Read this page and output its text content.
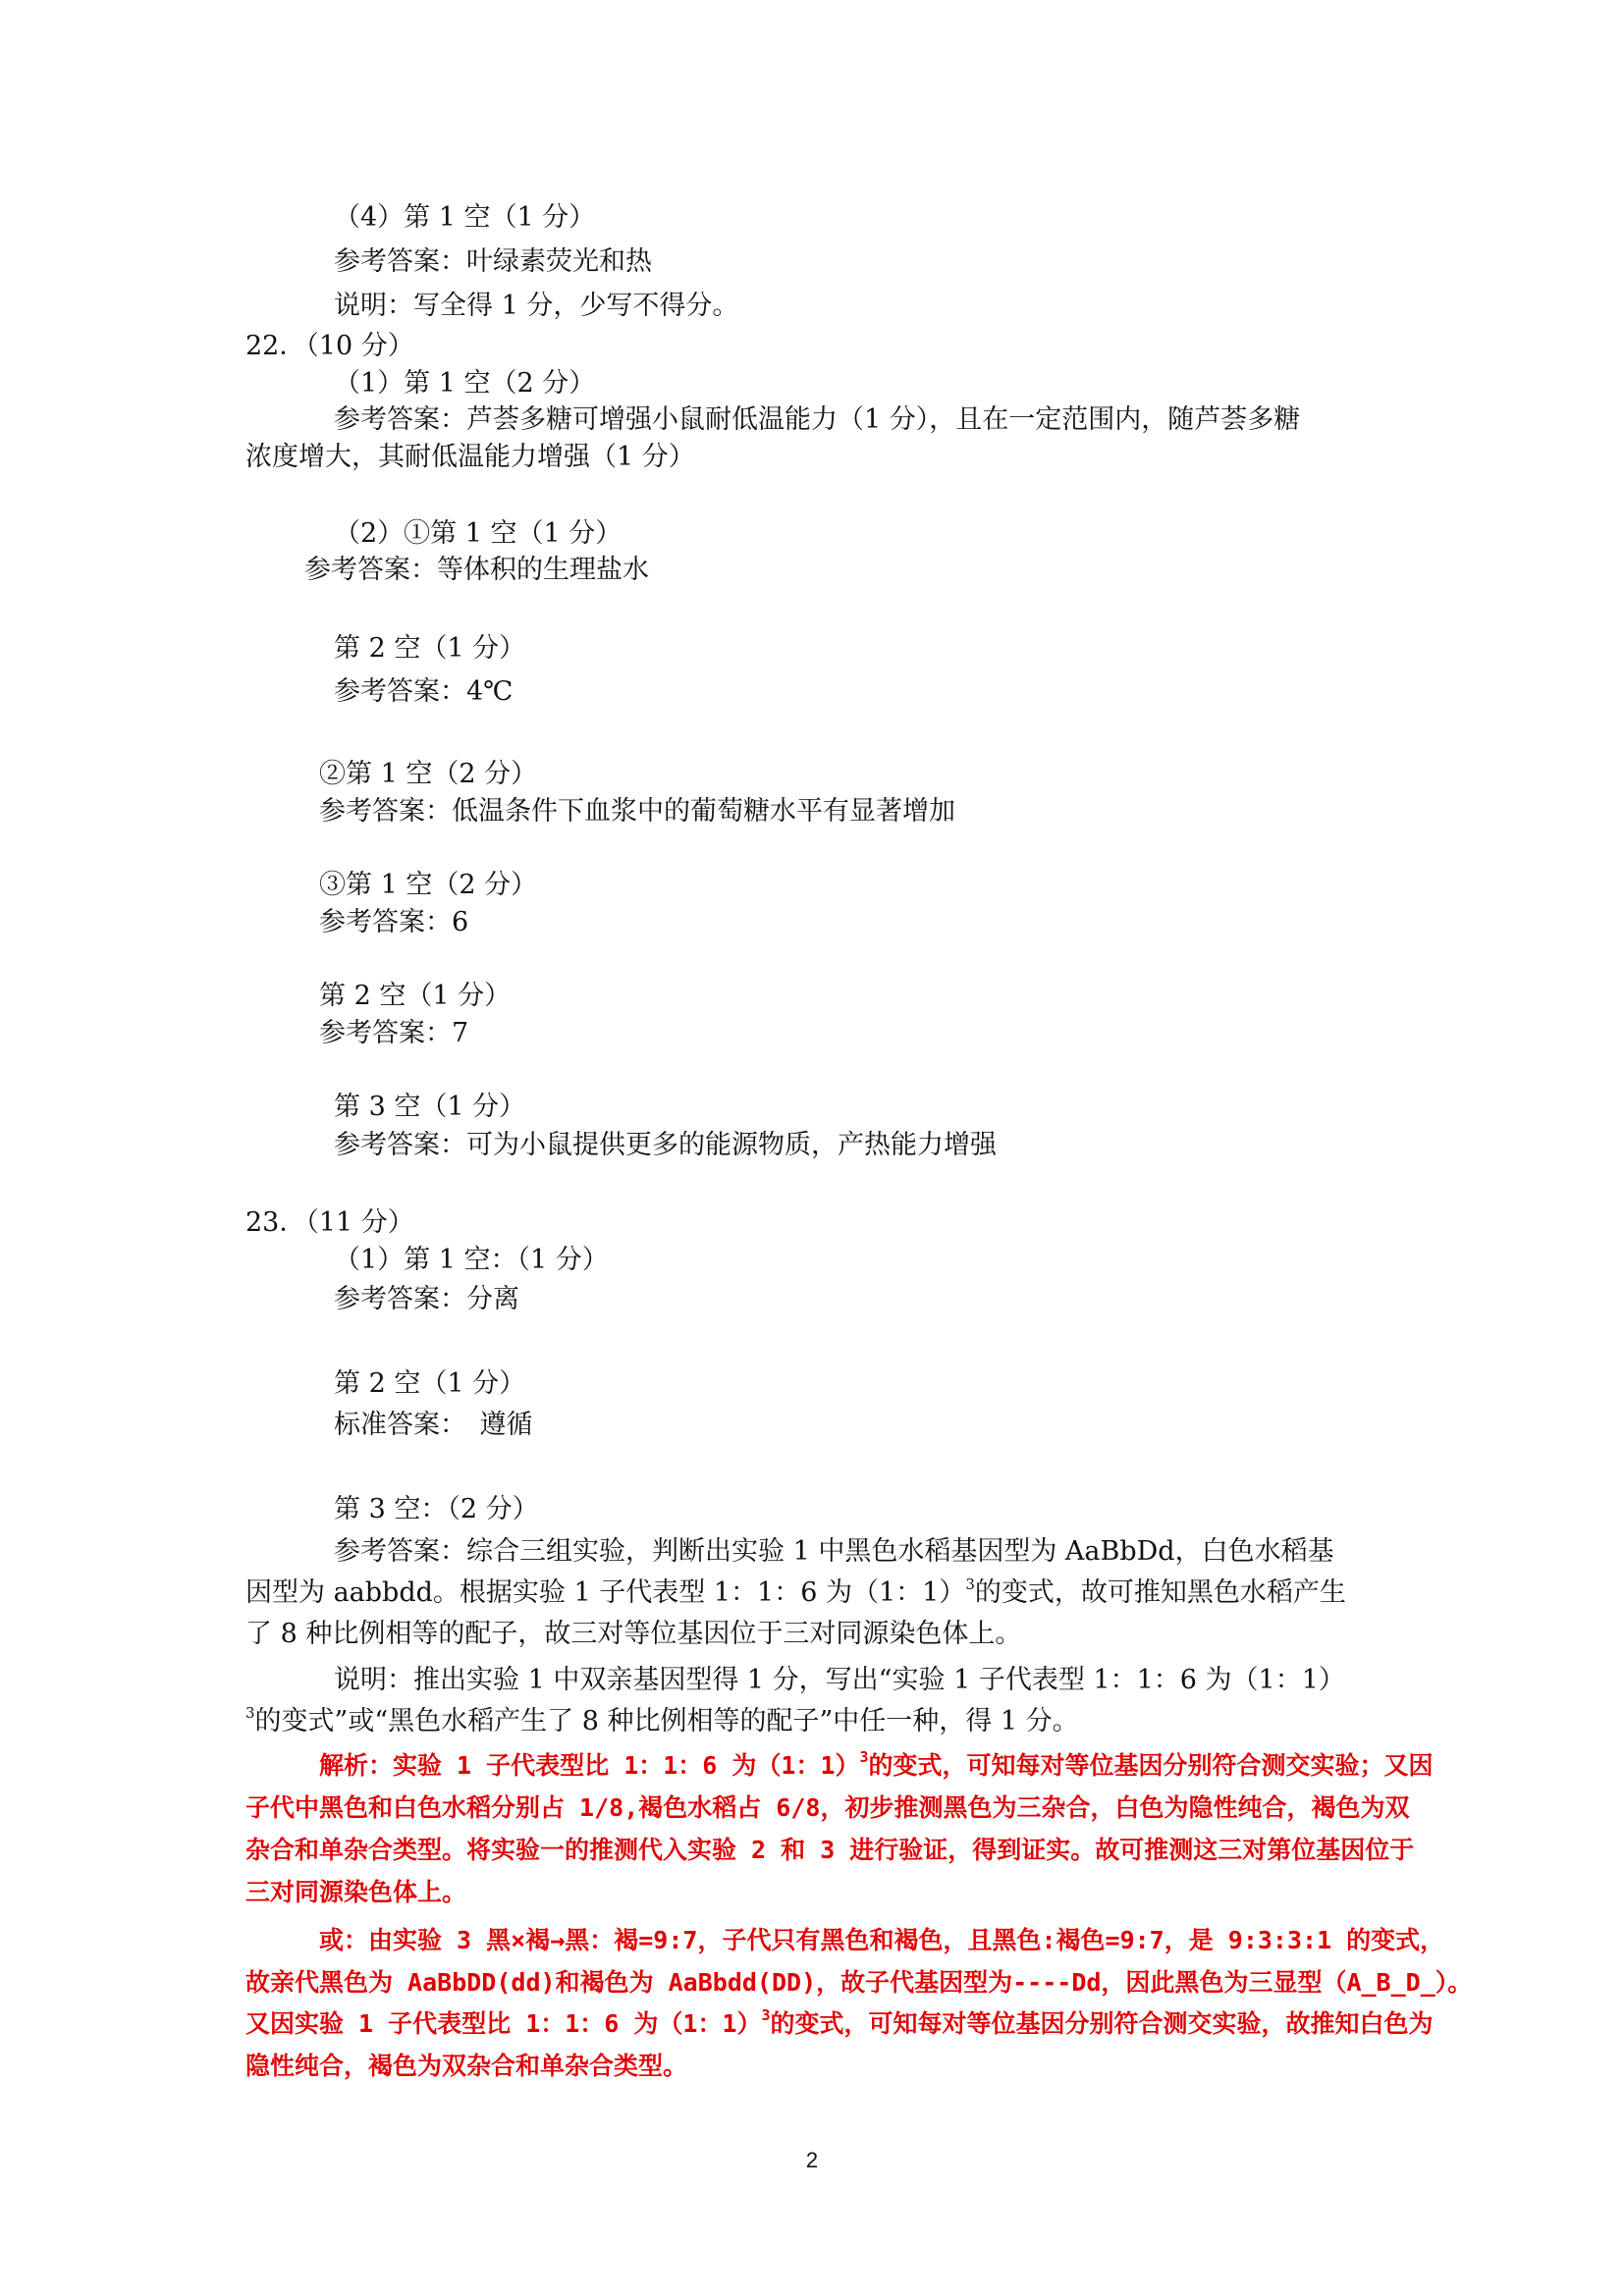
（4）第 1 空（1 分）
参考答案：叶绿素荧光和热
说明：写全得 1 分，少写不得分。
22．（10 分）
（1）第 1 空（2 分）
参考答案：芦荟多糖可增强小鼠耐低温能力（1 分），且在一定范围内，随芦荟多糖
浓度增大，其耐低温能力增强（1 分）
（2）①第 1 空（1 分）
参考答案：等体积的生理盐水
第 2 空（1 分）
参考答案：4℃
②第 1 空（2 分）
参考答案：低温条件下血浆中的葡萄糖水平有显著增加
③第 1 空（2 分）
参考答案：6
第 2 空（1 分）
参考答案：7
第 3 空（1 分）
参考答案：可为小鼠提供更多的能源物质，产热能力增强
23．（11 分）
（1）第 1 空：（1 分）
参考答案：分离
第 2 空（1 分）
标准答案：　遵循
第 3 空：（2 分）
参考答案：综合三组实验，判断出实验 1 中黑色水稻基因型为 AaBbDd，白色水稻基
因型为 aabbdd。根据实验 1 子代表型 1：1：6 为（1：1）$^3$的变式，故可推知黑色水稻产生
了 8 种比例相等的配子，故三对等位基因位于三对同源染色体上。
说明：推出实验 1 中双亲基因型得 1 分，写出“实验 1 子代表型 1：1：6 为（1：1）
$^3$的变式”或“黑色水稻产生了 8 种比例相等的配子”中任一种，得 1 分。
解析：实验 1 子代表型比 1：1：6 为（1：1）$^3$的变式，可知每对等位基因分别符合测交实验；又因
子代中黑色和白色水稻分别占 1/8,褐色水稻占 6/8，初步推测黑色为三杂合，白色为隐性纯合，褐色为双
杂合和单杂合类型。将实验一的推测代入实验 2 和 3 进行验证，得到证实。故可推测这三对第位基因位于
三对同源染色体上。
或：由实验 3 黑×褐→黑：褐=9:7，子代只有黑色和褐色，且黑色:褐色=9:7，是 9:3:3:1 的变式，
故亲代黑色为 AaBbDD(dd)和褐色为 AaBbdd(DD)，故子代基因型为----Dd，因此黑色为三显型（A_B_D_）。
又因实验 1 子代表型比 1：1：6 为（1：1）$^3$的变式，可知每对等位基因分别符合测交实验，故推知白色为
隐性纯合，褐色为双杂合和单杂合类型。
2
